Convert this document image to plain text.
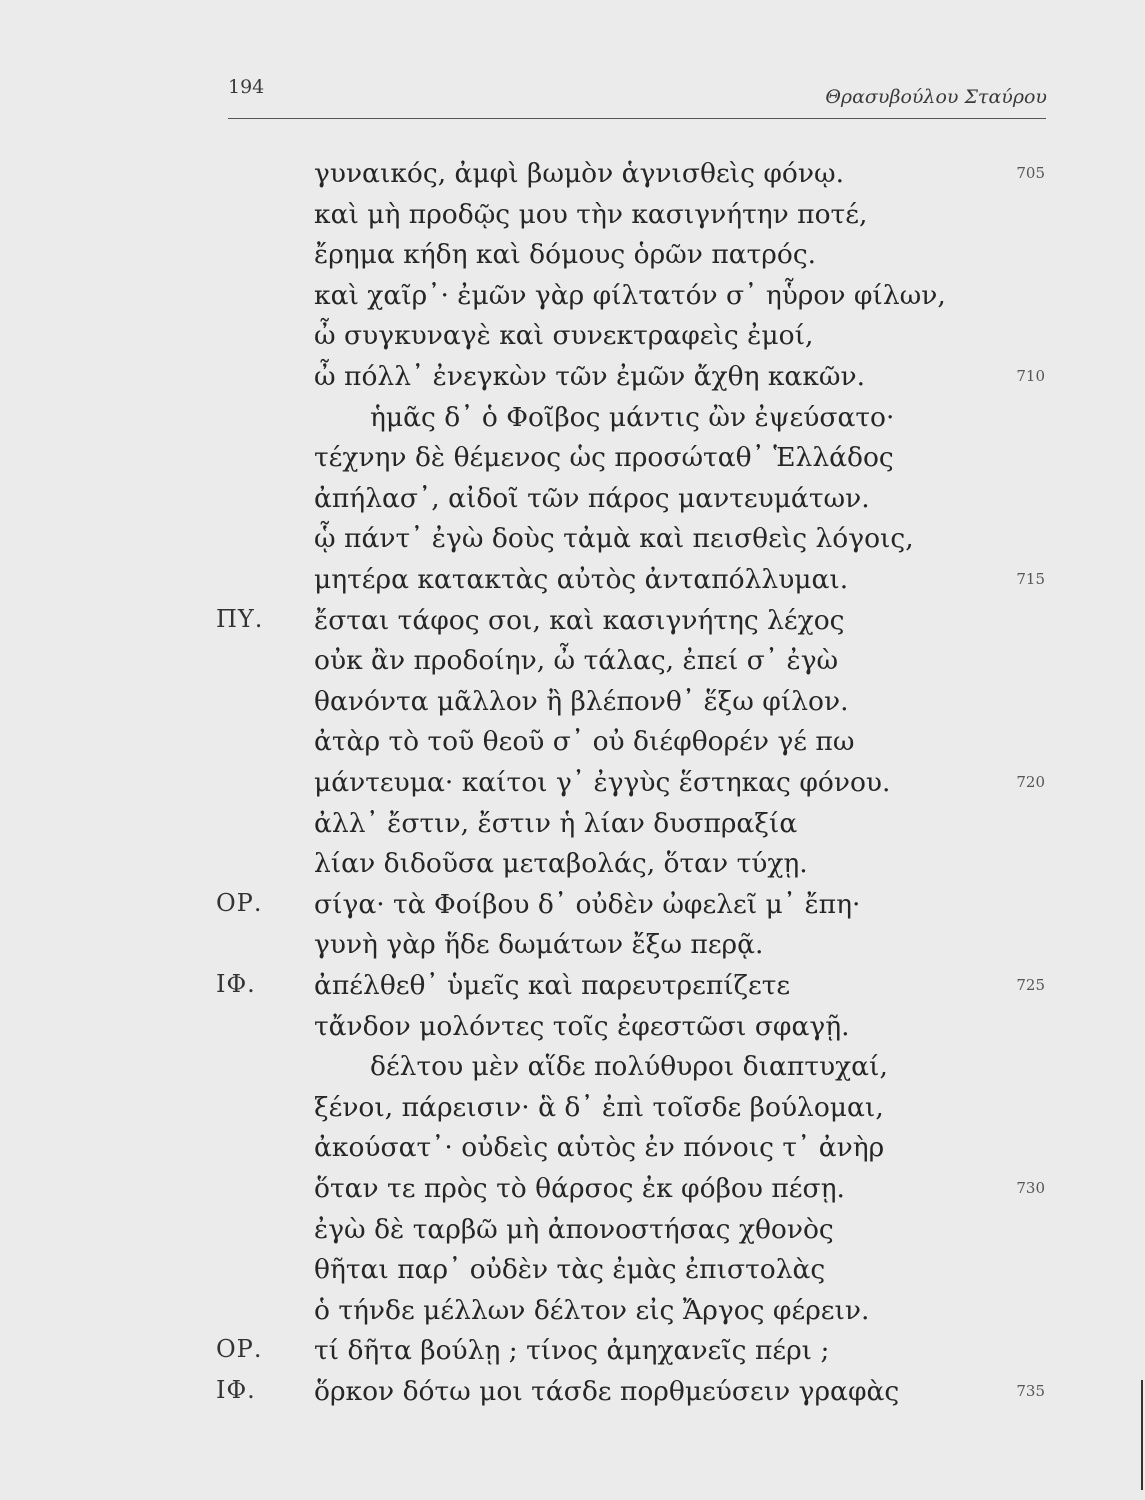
194	Θρασυβούλου Σταύρου
γυναικός, ἀμφὶ βωμὸν ἁγνισθεὶς φόνῳ.	705
καὶ μὴ προδῷς μου τὴν κασιγνήτην ποτέ,
ἔρημα κήδη καὶ δόμους ὁρῶν πατρός.
καὶ χαῖρ᾽· ἐμῶν γὰρ φίλτατόν σ᾽ ηὗρον φίλων,
ὦ συγκυναγὲ καὶ συνεκτραφεὶς ἐμοί,
ὦ πόλλ᾽ ἐνεγκὼν τῶν ἐμῶν ἄχθη κακῶν.	710
ἡμᾶς δ᾽ ὁ Φοῖβος μάντις ὢν ἐψεύσατο·
τέχνην δὲ θέμενος ὡς προσώταθ᾽ Ἑλλάδος
ἀπήλασ᾽, αἰδοῖ τῶν πάρος μαντευμάτων.
ᾧ πάντ᾽ ἐγὼ δοὺς τἀμὰ καὶ πεισθεὶς λόγοις,
μητέρα κατακτὰς αὐτὸς ἀνταπόλλυμαι.	715
ΠΥ. ἔσται τάφος σοι, καὶ κασιγνήτης λέχος
οὐκ ἂν προδοίην, ὦ τάλας, ἐπεί σ᾽ ἐγὼ
θανόντα μᾶλλον ἢ βλέπονθ᾽ ἕξω φίλον.
ἀτὰρ τὸ τοῦ θεοῦ σ᾽ οὐ διέφθορέν γέ πω
μάντευμα· καίτοι γ᾽ ἐγγὺς ἕστηκας φόνου.	720
ἀλλ᾽ ἔστιν, ἔστιν ἡ λίαν δυσπραξία
λίαν διδοῦσα μεταβολάς, ὅταν τύχῃ.
ΟΡ. σίγα· τὰ Φοίβου δ᾽ οὐδὲν ὠφελεῖ μ᾽ ἔπη·
γυνὴ γὰρ ἥδε δωμάτων ἔξω περᾷ.
ΙΦ. ἀπέλθεθ᾽ ὑμεῖς καὶ παρευτρεπίζετε	725
τἄνδον μολόντες τοῖς ἐφεστῶσι σφαγῇ.
δέλτου μὲν αἵδε πολύθυροι διαπτυχαί,
ξένοι, πάρεισιν· ἃ δ᾽ ἐπὶ τοῖσδε βούλομαι,
ἀκούσατ᾽· οὐδεὶς αὑτὸς ἐν πόνοις τ᾽ ἀνὴρ
ὅταν τε πρὸς τὸ θάρσος ἐκ φόβου πέσῃ.	730
ἐγὼ δὲ ταρβῶ μὴ ἀπονοστήσας χθονὸς
θῆται παρ᾽ οὐδὲν τὰς ἐμὰς ἐπιστολὰς
ὁ τήνδε μέλλων δέλτον εἰς Ἄργος φέρειν.
ΟΡ. τί δῆτα βούλῃ ; τίνος ἀμηχανεῖς πέρι ;
ΙΦ. ὅρκον δότω μοι τάσδε πορθμεύσειν γραφὰς	735
